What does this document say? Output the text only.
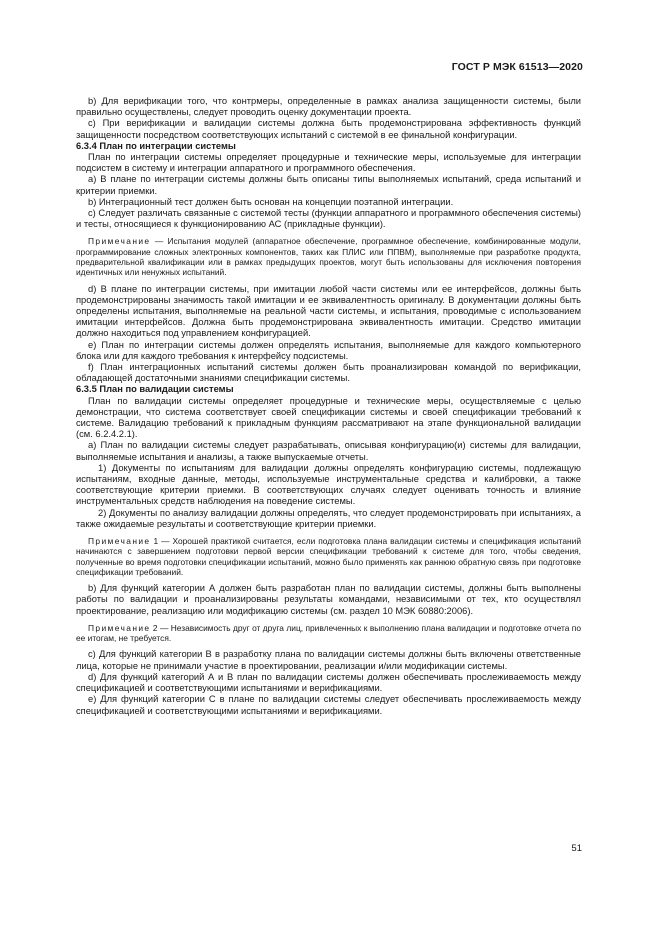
ГОСТ Р МЭК 61513—2020

b) Для верификации того, что контрмеры, определенные в рамках анализа защищенности системы, были правильно осуществлены, следует проводить оценку документации проекта.

c) При верификации и валидации системы должна быть продемонстрирована эффективность функций защищенности посредством соответствующих испытаний с системой в ее финальной конфигурации.

6.3.4 План по интеграции системы

План по интеграции системы определяет процедурные и технические меры, используемые для интеграции подсистем в систему и интеграции аппаратного и программного обеспечения.

a) В плане по интеграции системы должны быть описаны типы выполняемых испытаний, среда испытаний и критерии приемки.

b) Интеграционный тест должен быть основан на концепции поэтапной интеграции.

c) Следует различать связанные с системой тесты (функции аппаратного и программного обеспечения системы) и тесты, относящиеся к функционированию АС (прикладные функции).

Примечание — Испытания модулей (аппаратное обеспечение, программное обеспечение, комбинированные модули, программирование сложных электронных компонентов, таких как ПЛИС или ППВМ), выполняемые при разработке продукта, предварительной квалификации или в рамках предыдущих проектов, могут быть использованы для исключения повторения идентичных или ненужных испытаний.

d) В плане по интеграции системы, при имитации любой части системы или ее интерфейсов, должны быть продемонстрированы значимость такой имитации и ее эквивалентность оригиналу. В документации должны быть определены испытания, выполняемые на реальной части системы, и испытания, проводимые с использованием имитации интерфейсов. Должна быть продемонстрирована эквивалентность имитации. Средство имитации должно находиться под управлением конфигурацией.

e) План по интеграции системы должен определять испытания, выполняемые для каждого компьютерного блока или для каждого требования к интерфейсу подсистемы.

f) План интеграционных испытаний системы должен быть проанализирован командой по верификации, обладающей достаточными знаниями спецификации системы.

6.3.5 План по валидации системы

План по валидации системы определяет процедурные и технические меры, осуществляемые с целью демонстрации, что система соответствует своей спецификации системы и своей спецификации требований к системе. Валидацию требований к прикладным функциям рассматривают на этапе функциональной валидации (см. 6.2.4.2.1).

a) План по валидации системы следует разрабатывать, описывая конфигурацию(и) системы для валидации, выполняемые испытания и анализы, а также выпускаемые отчеты.

1) Документы по испытаниям для валидации должны определять конфигурацию системы, подлежащую испытаниям, входные данные, методы, используемые инструментальные средства и калибровки, а также соответствующие критерии приемки. В соответствующих случаях следует оценивать точность и влияние инструментальных средств наблюдения на поведение системы.

2) Документы по анализу валидации должны определять, что следует продемонстрировать при испытаниях, а также ожидаемые результаты и соответствующие критерии приемки.

Примечание 1 — Хорошей практикой считается, если подготовка плана валидации системы и спецификация испытаний начинаются с завершением подготовки первой версии спецификации требований к системе для того, чтобы сведения, полученные во время подготовки спецификации испытаний, можно было применять как раннюю обратную связь при подготовке спецификации требований.

b) Для функций категории А должен быть разработан план по валидации системы, должны быть выполнены работы по валидации и проанализированы результаты командами, независимыми от тех, кто осуществлял проектирование, реализацию или модификацию системы (см. раздел 10 МЭК 60880:2006).

Примечание 2 — Независимость друг от друга лиц, привлеченных к выполнению плана валидации и подготовке отчета по ее итогам, не требуется.

c) Для функций категории В в разработку плана по валидации системы должны быть включены ответственные лица, которые не принимали участие в проектировании, реализации и/или модификации системы.

d) Для функций категорий А и В план по валидации системы должен обеспечивать прослеживаемость между спецификацией и соответствующими испытаниями и верификациями.

e) Для функций категории С в плане по валидации системы следует обеспечивать прослеживаемость между спецификацией и соответствующими испытаниями и верификациями.

51
